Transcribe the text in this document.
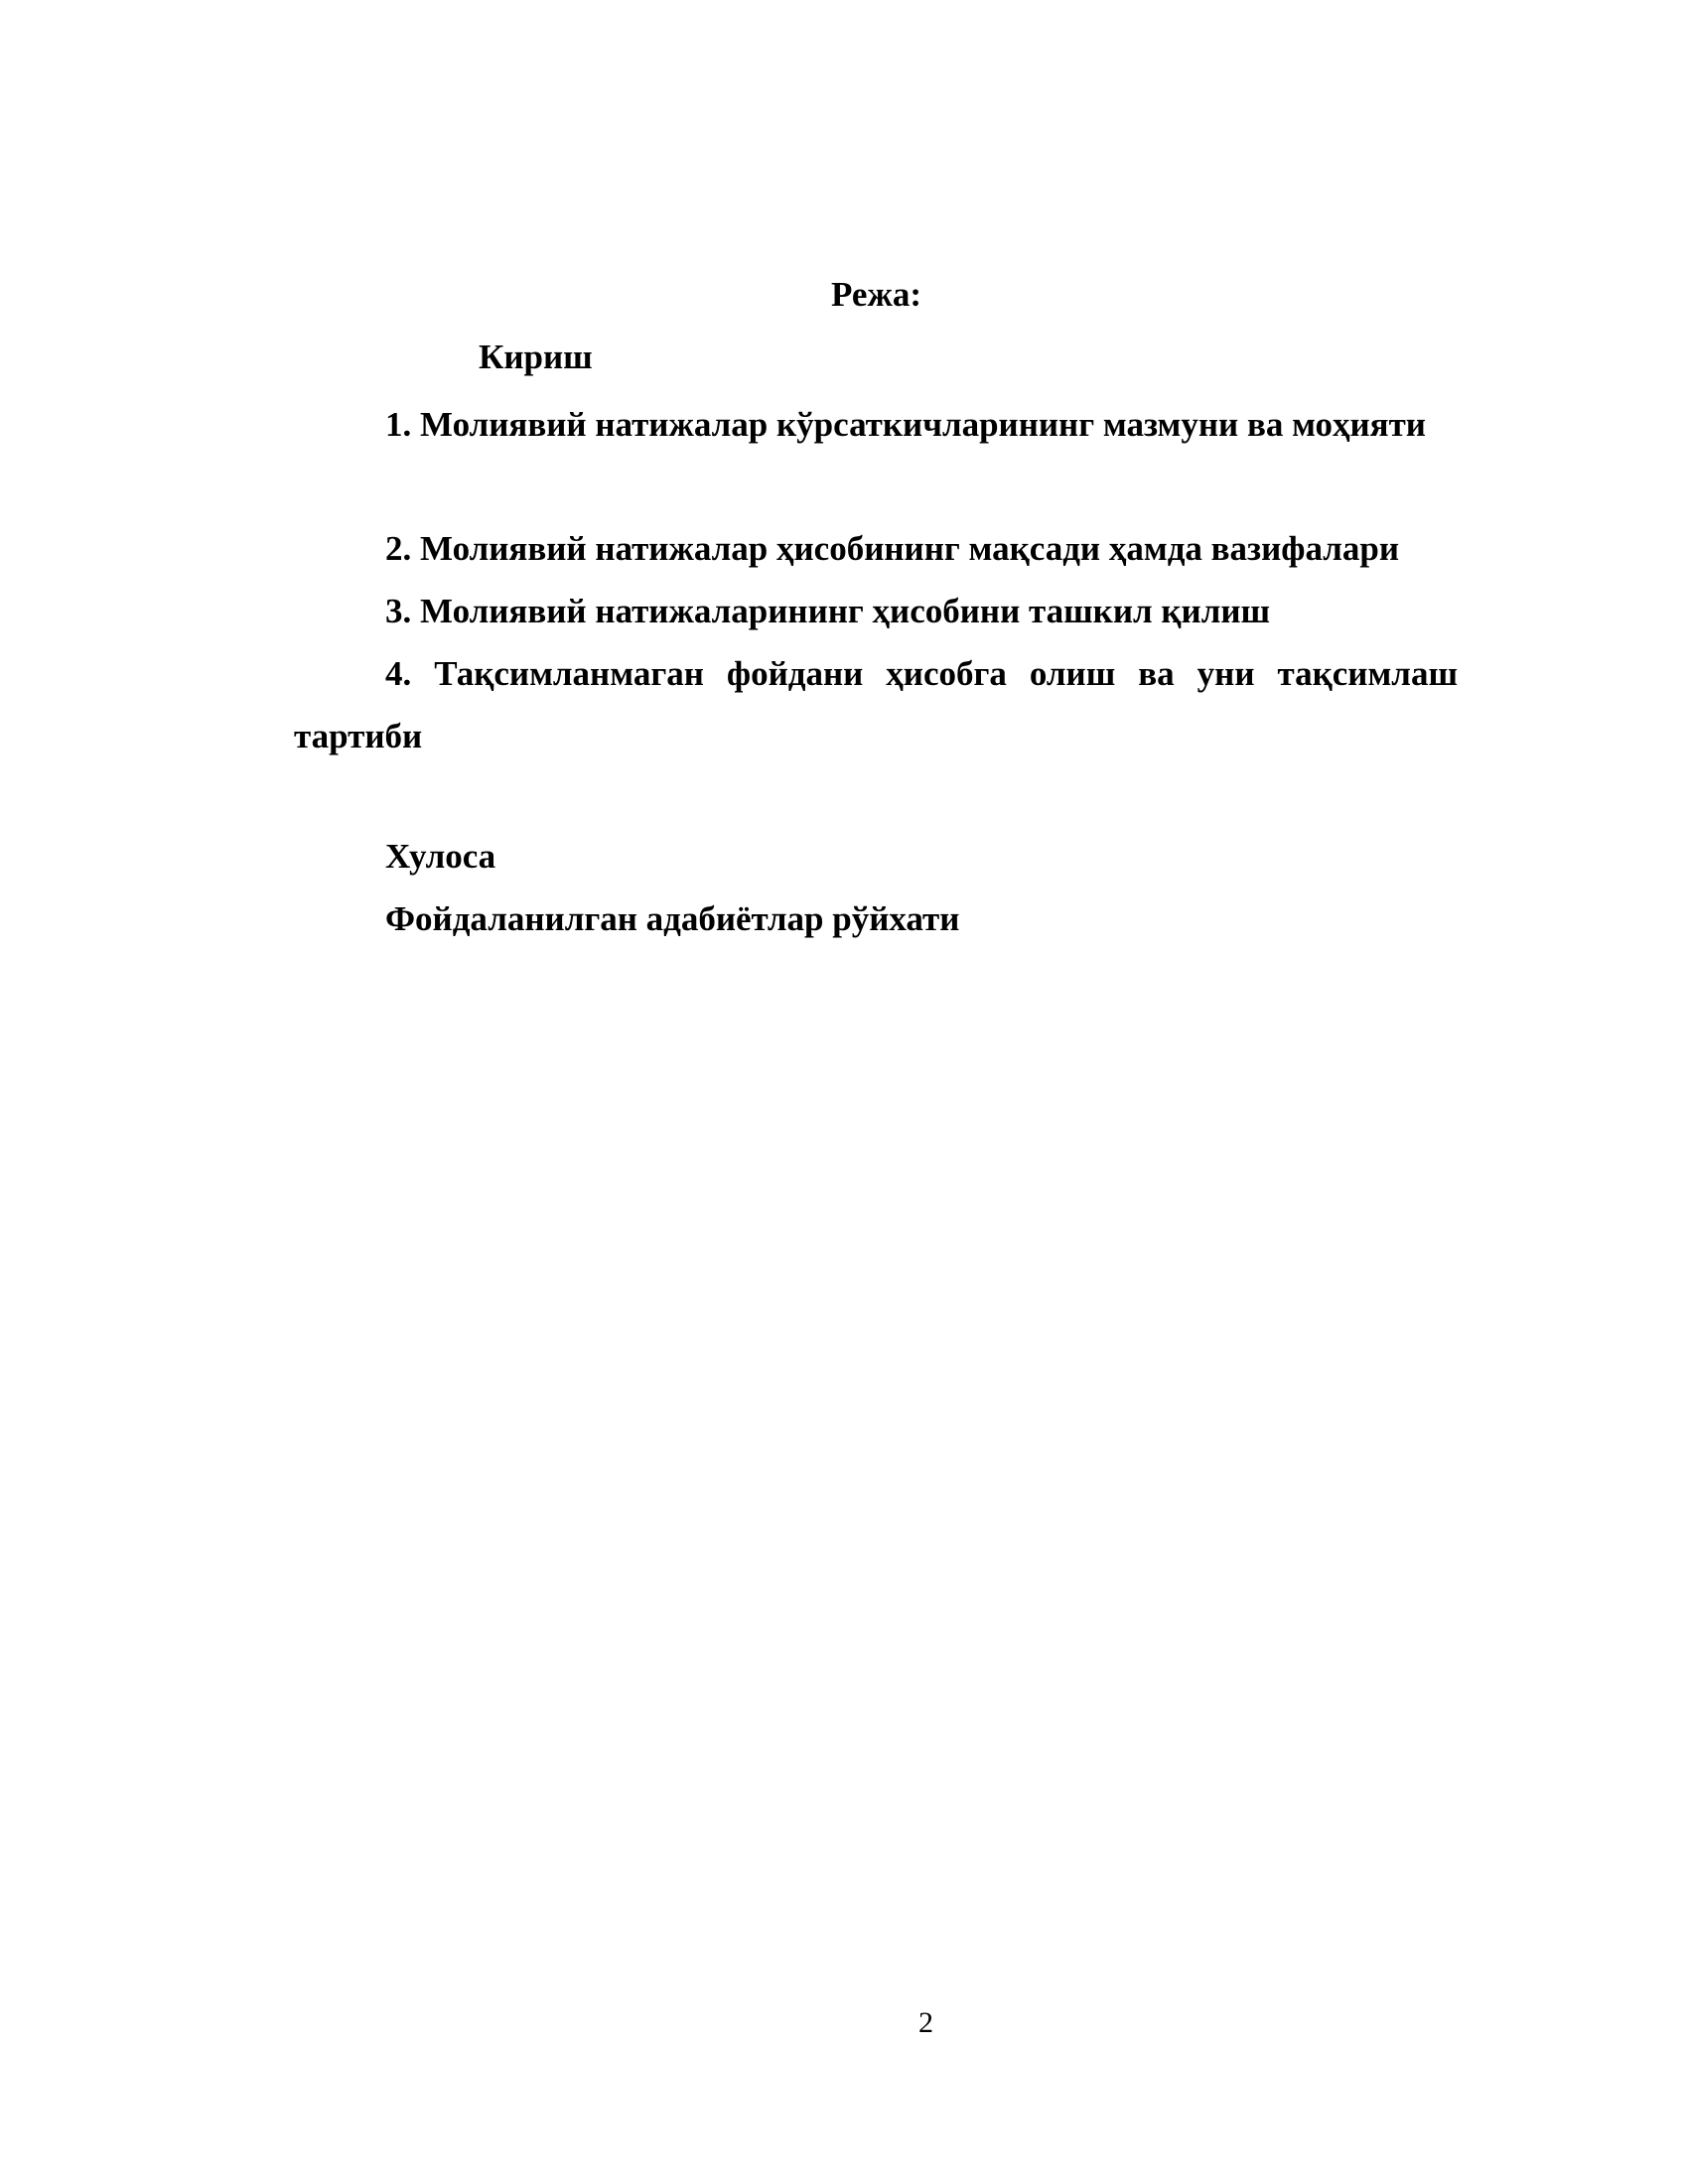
Режа:
Кириш
1. Молиявий натижалар кўрсаткичларининг мазмуни ва моҳияти
2. Молиявий натижалар ҳисобининг мақсади ҳамда вазифалари
3. Молиявий натижаларининг ҳисобини ташкил қилиш
4. Тақсимланмаган фойдани ҳисобга олиш ва уни тақсимлаш тартиби
Хулоса
Фойдаланилган адабиётлар рўйхати
2
